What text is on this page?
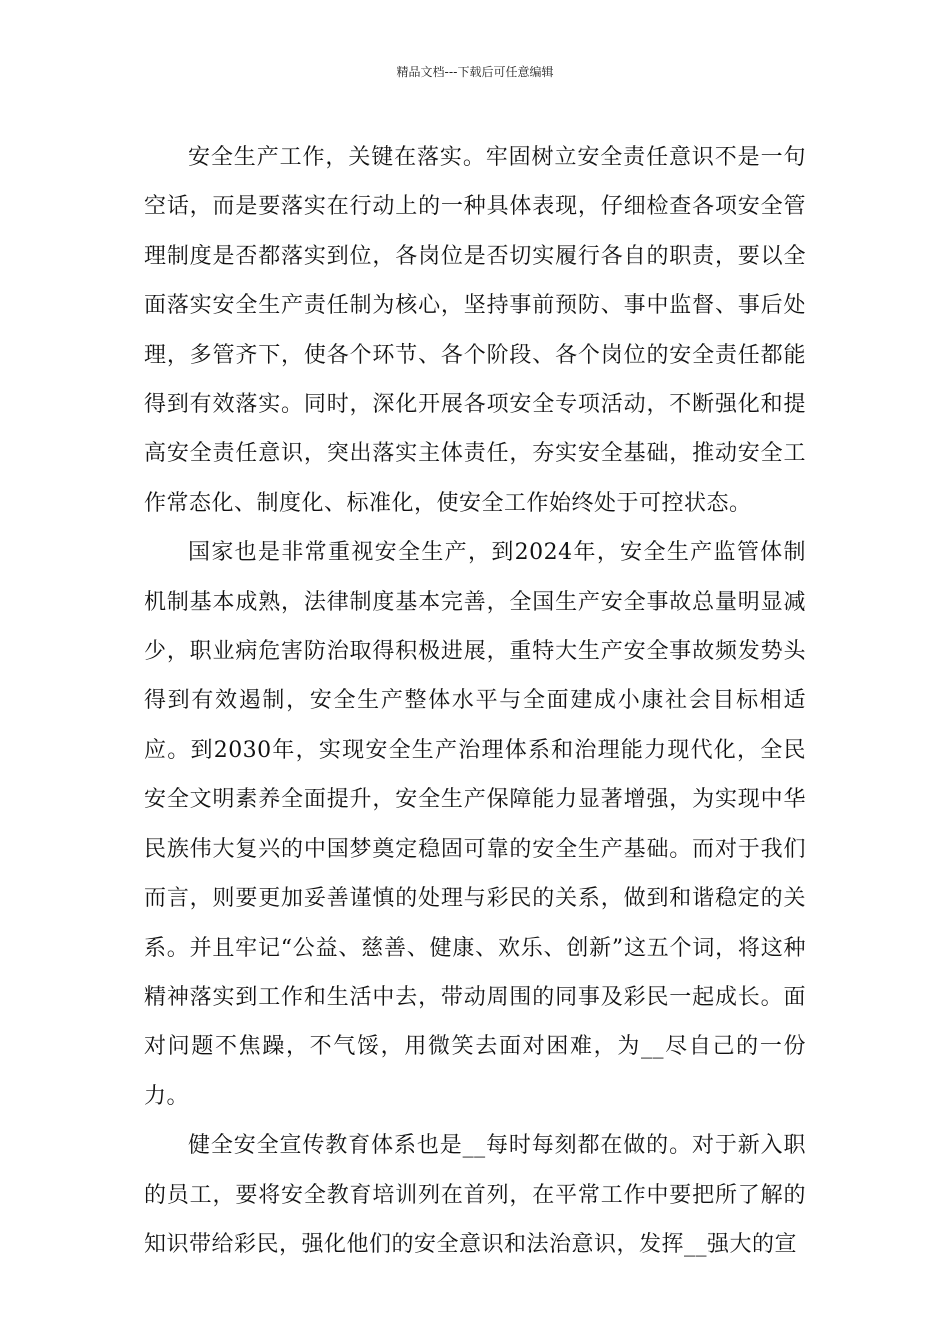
精品文档---下载后可任意编辑

安全生产工作，关键在落实。牢固树立安全责任意识不是一句空话，而是要落实在行动上的一种具体表现，仔细检查各项安全管理制度是否都落实到位，各岗位是否切实履行各自的职责，要以全面落实安全生产责任制为核心，坚持事前预防、事中监督、事后处理，多管齐下，使各个环节、各个阶段、各个岗位的安全责任都能得到有效落实。同时，深化开展各项安全专项活动，不断强化和提高安全责任意识，突出落实主体责任，夯实安全基础，推动安全工作常态化、制度化、标准化，使安全工作始终处于可控状态。

国家也是非常重视安全生产，到2024年，安全生产监管体制机制基本成熟，法律制度基本完善，全国生产安全事故总量明显减少，职业病危害防治取得积极进展，重特大生产安全事故频发势头得到有效遏制，安全生产整体水平与全面建成小康社会目标相适应。到2030年，实现安全生产治理体系和治理能力现代化，全民安全文明素养全面提升，安全生产保障能力显著增强，为实现中华民族伟大复兴的中国梦奠定稳固可靠的安全生产基础。而对于我们而言，则要更加妥善谨慎的处理与彩民的关系，做到和谐稳定的关系。并且牢记“公益、慈善、健康、欢乐、创新”这五个词，将这种精神落实到工作和生活中去，带动周围的同事及彩民一起成长。面对问题不焦躁，不气馁，用微笑去面对困难，为__尽自己的一份力。

健全安全宣传教育体系也是__每时每刻都在做的。对于新入职的员工，要将安全教育培训列在首列，在平常工作中要把所了解的知识带给彩民，强化他们的安全意识和法治意识，发挥__强大的宣
